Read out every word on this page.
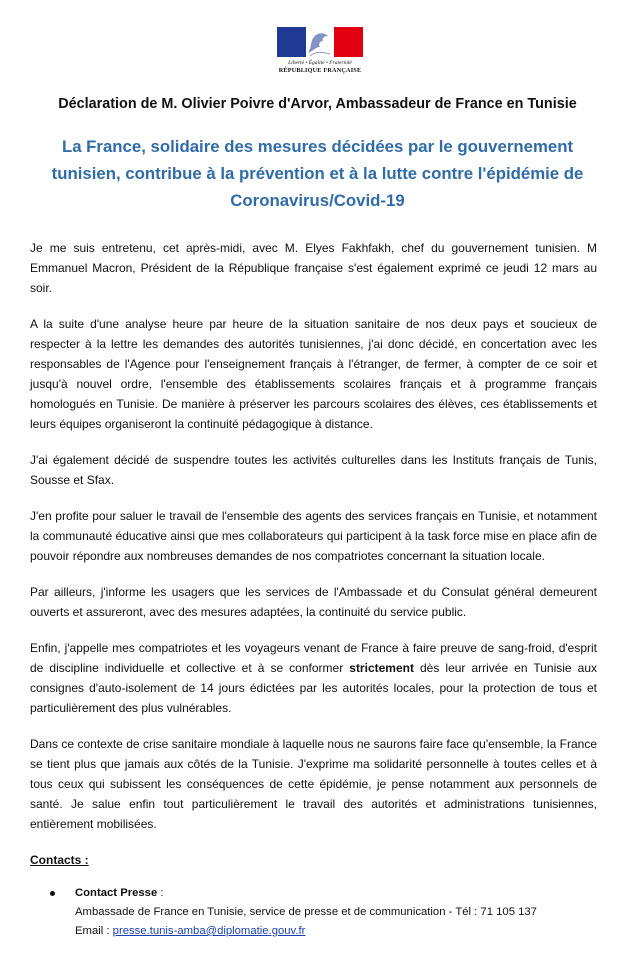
Liberté • Égalité • Fraternité
RÉPUBLIQUE FRANÇAISE
Déclaration de M. Olivier Poivre d'Arvor, Ambassadeur de France en Tunisie
La France, solidaire des mesures décidées par le gouvernement
tunisien, contribue à la prévention et à la lutte contre l'épidémie de
Coronavirus/Covid-19

Je me suis entretenu, cet après-midi, avec M. Elyes Fakhfakh, chef du gouvernement tunisien. M Emmanuel Macron, Président de la République française s'est également exprimé ce jeudi 12 mars au soir.

A la suite d'une analyse heure par heure de la situation sanitaire de nos deux pays et soucieux de respecter à la lettre les demandes des autorités tunisiennes, j'ai donc décidé, en concertation avec les responsables de l'Agence pour l'enseignement français à l'étranger, de fermer, à compter de ce soir et jusqu'à nouvel ordre, l'ensemble des établissements scolaires français et à programme français homologués en Tunisie. De manière à préserver les parcours scolaires des élèves, ces établissements et leurs équipes organiseront la continuité pédagogique à distance.

J'ai également décidé de suspendre toutes les activités culturelles dans les Instituts français de Tunis, Sousse et Sfax.

J'en profite pour saluer le travail de l'ensemble des agents des services français en Tunisie, et notamment la communauté éducative ainsi que mes collaborateurs qui participent à la task force mise en place afin de pouvoir répondre aux nombreuses demandes de nos compatriotes concernant la situation locale.

Par ailleurs, j'informe les usagers que les services de l'Ambassade et du Consulat général demeurent ouverts et assureront, avec des mesures adaptées, la continuité du service public.

Enfin, j'appelle mes compatriotes et les voyageurs venant de France à faire preuve de sang-froid, d'esprit de discipline individuelle et collective et à se conformer strictement dès leur arrivée en Tunisie aux consignes d'auto-isolement de 14 jours édictées par les autorités locales, pour la protection de tous et particulièrement des plus vulnérables.

Dans ce contexte de crise sanitaire mondiale à laquelle nous ne saurons faire face qu'ensemble, la France se tient plus que jamais aux côtés de la Tunisie. J'exprime ma solidarité personnelle à toutes celles et à tous ceux qui subissent les conséquences de cette épidémie, je pense notamment aux personnels de santé. Je salue enfin tout particulièrement le travail des autorités et administrations tunisiennes, entièrement mobilisées.

Contacts :
Contact Presse :
Ambassade de France en Tunisie, service de presse et de communication - Tél : 71 105 137
Email : presse.tunis-amba@diplomatie.gouv.fr
